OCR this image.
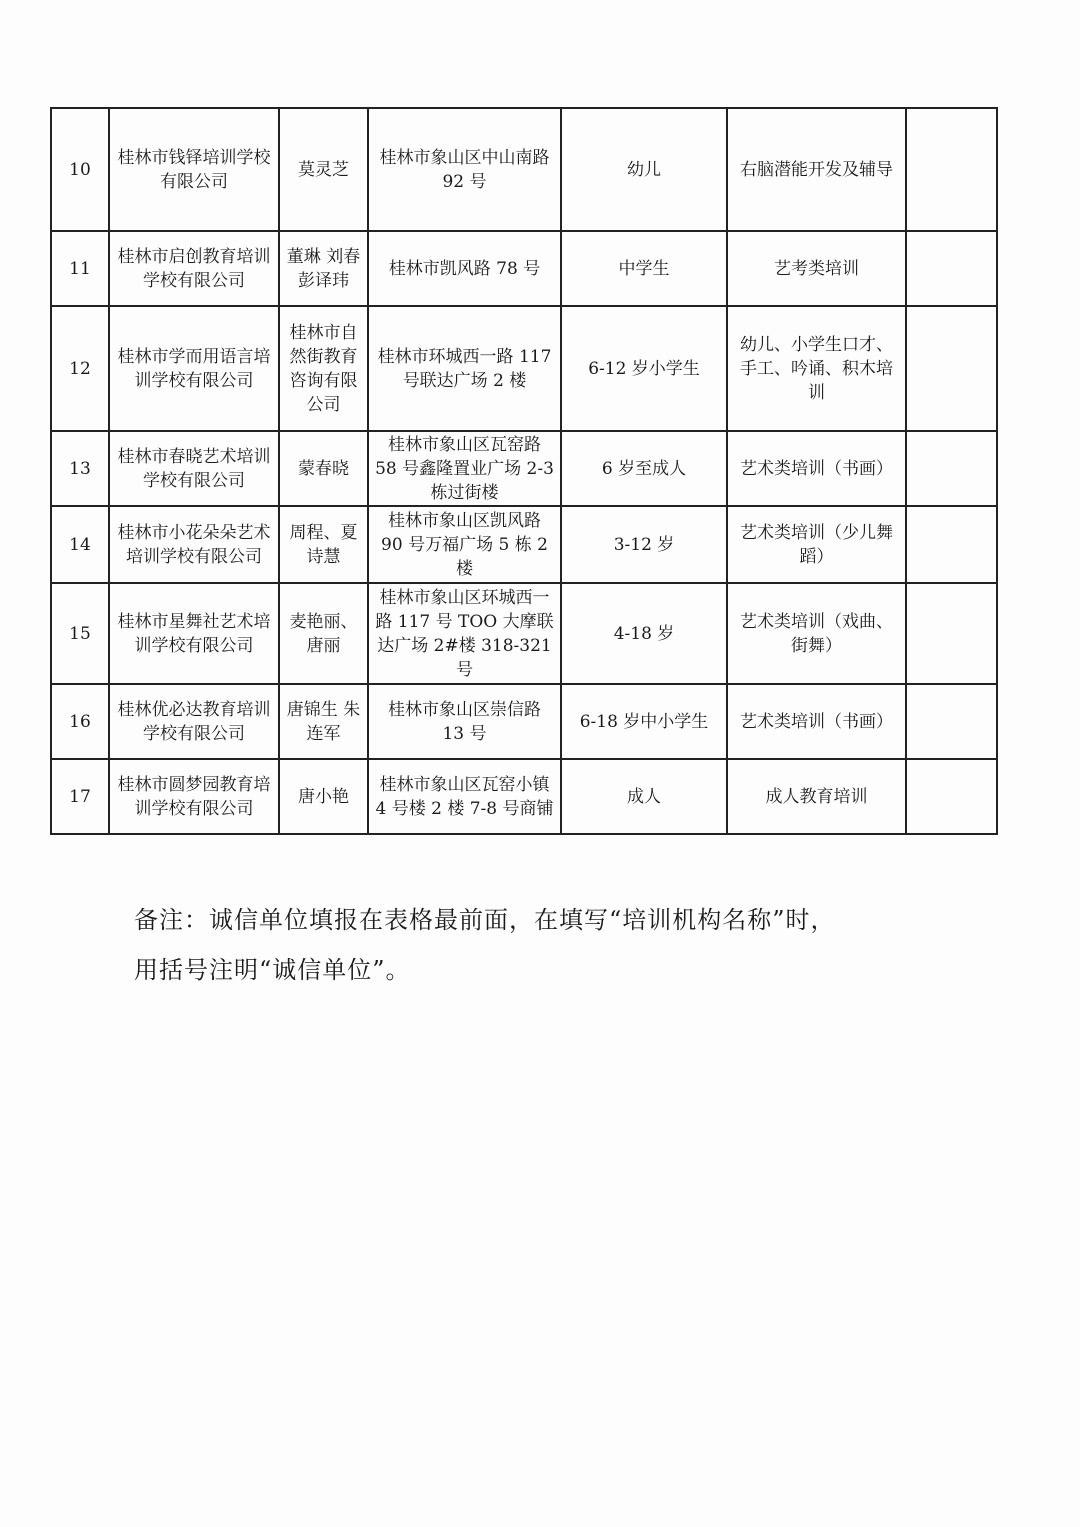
10	桂林市钱铎培训学校有限公司	莫灵芝	桂林市象山区中山南路 92 号	幼儿	右脑潜能开发及辅导	
11	桂林市启创教育培训学校有限公司	董琳 刘春 彭译玮	桂林市凯风路 78 号	中学生	艺考类培训	
12	桂林市学而用语言培训学校有限公司	桂林市自然街教育咨询有限公司	桂林市环城西一路 117 号联达广场 2 楼	6-12 岁小学生	幼儿、小学生口才、手工、吟诵、积木培训	
13	桂林市春晓艺术培训学校有限公司	蒙春晓	桂林市象山区瓦窑路 58 号鑫隆置业广场 2-3 栋过街楼	6 岁至成人	艺术类培训（书画）	
14	桂林市小花朵朵艺术培训学校有限公司	周程、夏诗慧	桂林市象山区凯风路 90 号万福广场 5 栋 2 楼	3-12 岁	艺术类培训（少儿舞蹈）	
15	桂林市星舞社艺术培训学校有限公司	麦艳丽、唐丽	桂林市象山区环城西一路 117 号 TOO 大摩联达广场 2#楼 318-321 号	4-18 岁	艺术类培训（戏曲、街舞）	
16	桂林优必达教育培训学校有限公司	唐锦生 朱连军	桂林市象山区崇信路 13 号	6-18 岁中小学生	艺术类培训（书画）	
17	桂林市圆梦园教育培训学校有限公司	唐小艳	桂林市象山区瓦窑小镇 4 号楼 2 楼 7-8 号商铺	成人	成人教育培训	
备注：诚信单位填报在表格最前面，在填写“培训机构名称”时，
用括号注明“诚信单位”。
